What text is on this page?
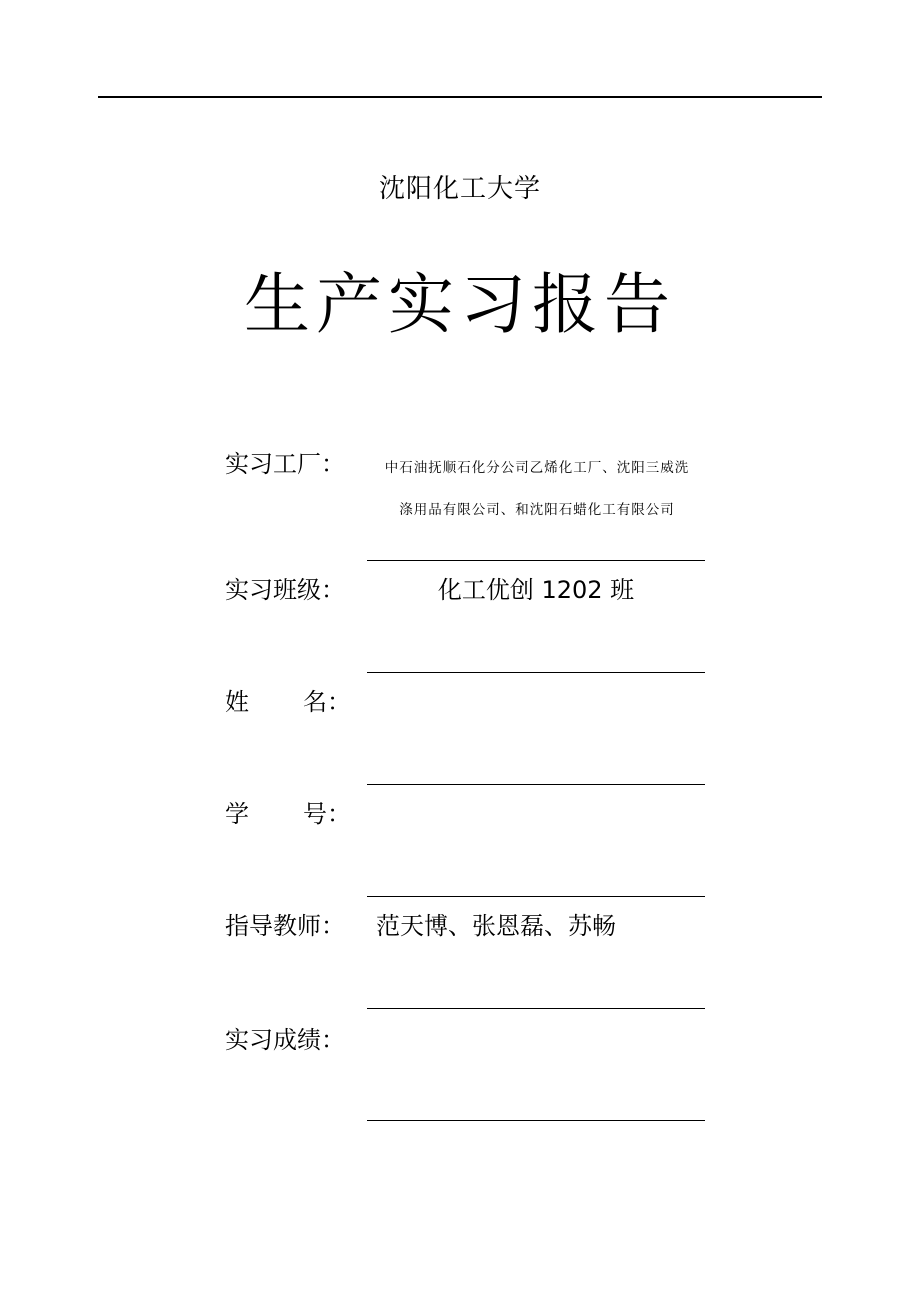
沈阳化工大学
生产实习报告
实习工厂：	中石油抚顺石化分公司乙烯化工厂、沈阳三威洗涤用品有限公司、和沈阳石蜡化工有限公司
实习班级：	化工优创 1202 班
姓 名：
学 号：
指导教师： 范天博、张恩磊、苏畅
实习成绩：
